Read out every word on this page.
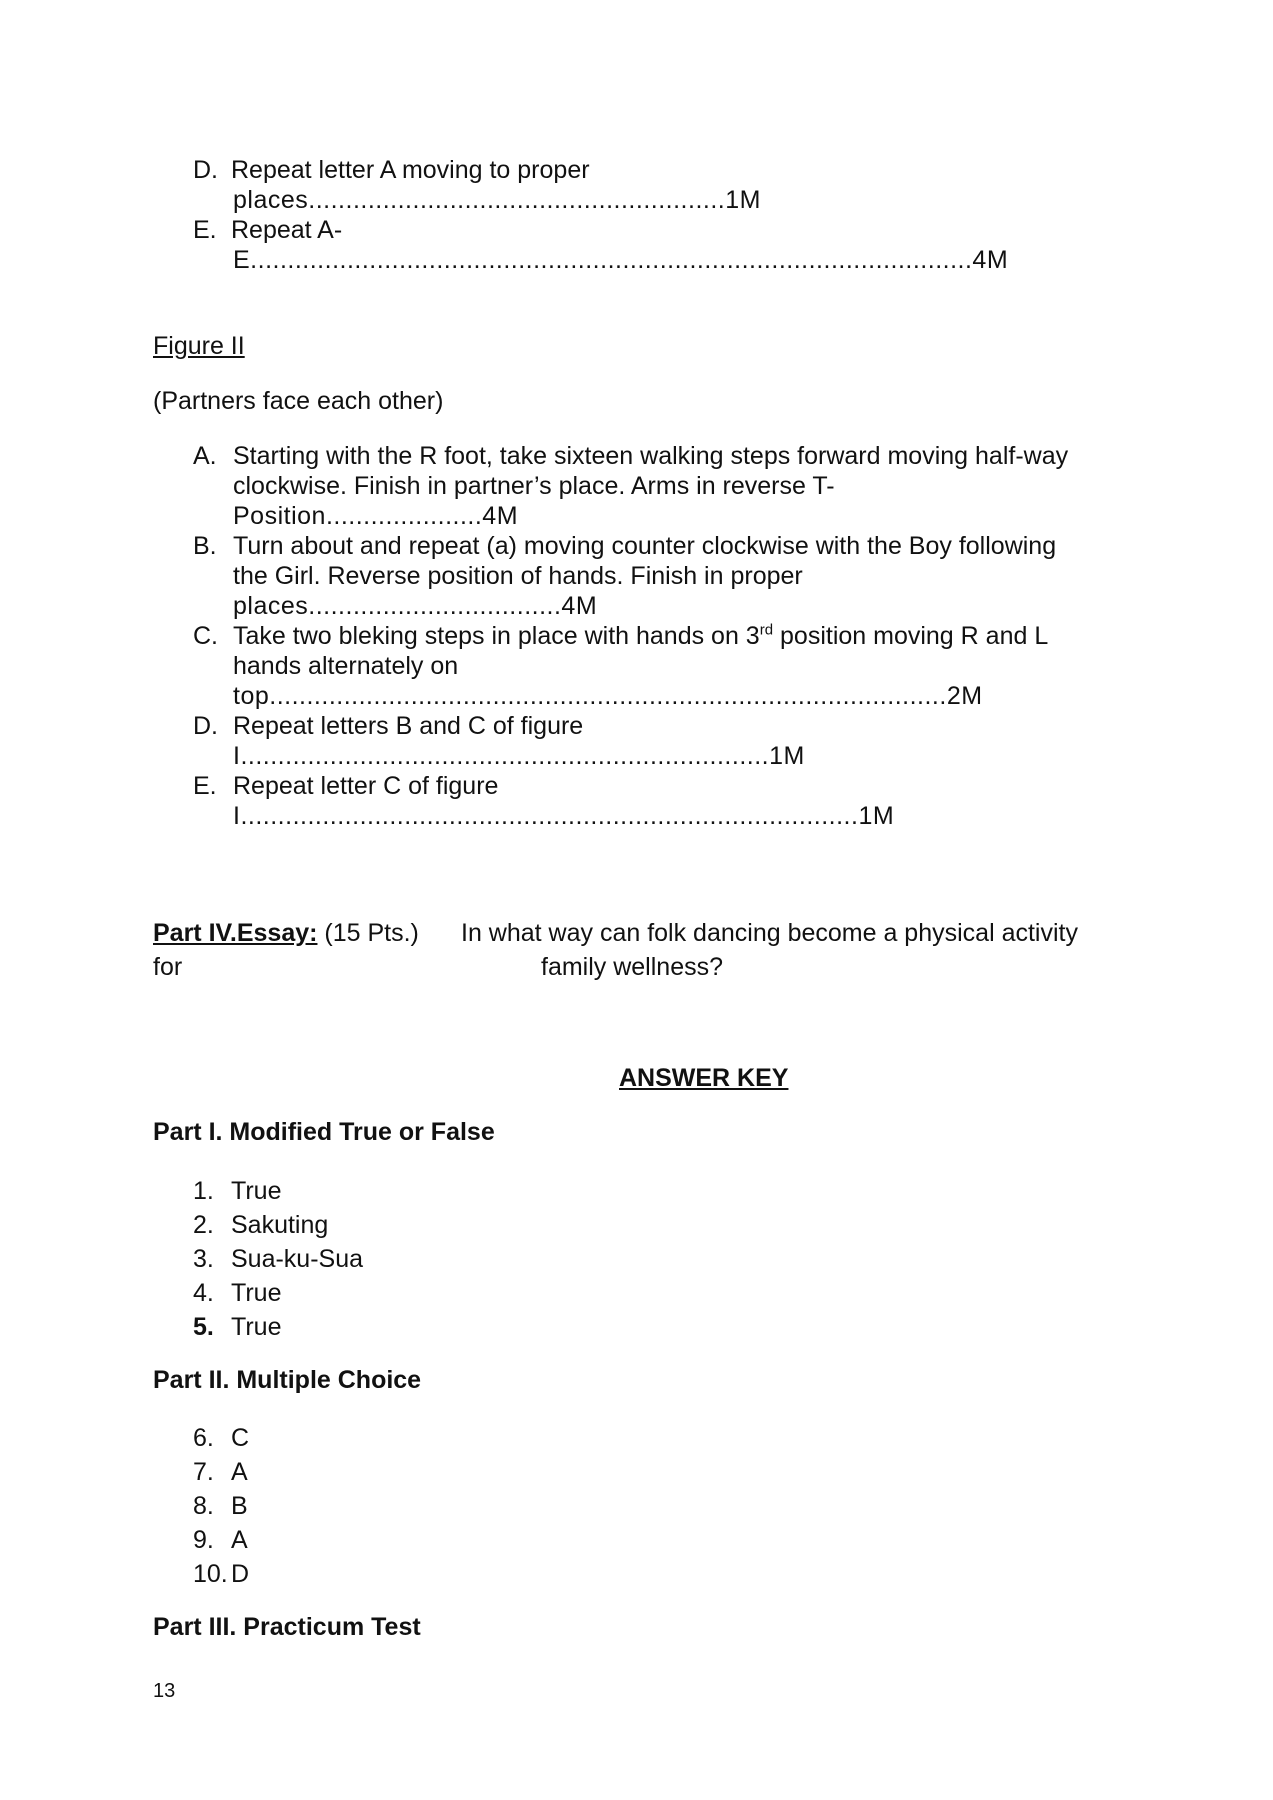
D. Repeat letter A moving to proper
places........................................................1M
E. Repeat A-
E.................................................................................................4M
Figure II
(Partners face each other)
A. Starting with the R foot, take sixteen walking steps forward moving half-way
clockwise. Finish in partner’s place. Arms in reverse T-
Position.....................4M
B. Turn about and repeat (a) moving counter clockwise with the Boy following
the Girl. Reverse position of hands. Finish in proper
places..................................4M
C. Take two bleking steps in place with hands on 3rd position moving R and L
hands alternately on
top...........................................................................................2M
D. Repeat letters B and C of figure
I.......................................................................1M
E. Repeat letter C of figure
I...................................................................................1M
Part IV.Essay: (15 Pts.) In what way can folk dancing become a physical activity
for	family wellness?
ANSWER KEY
Part I. Modified True or False
1. True
2. Sakuting
3. Sua-ku-Sua
4. True
5. True
Part II. Multiple Choice
6. C
7. A
8. B
9. A
10. D
Part III. Practicum Test
13
